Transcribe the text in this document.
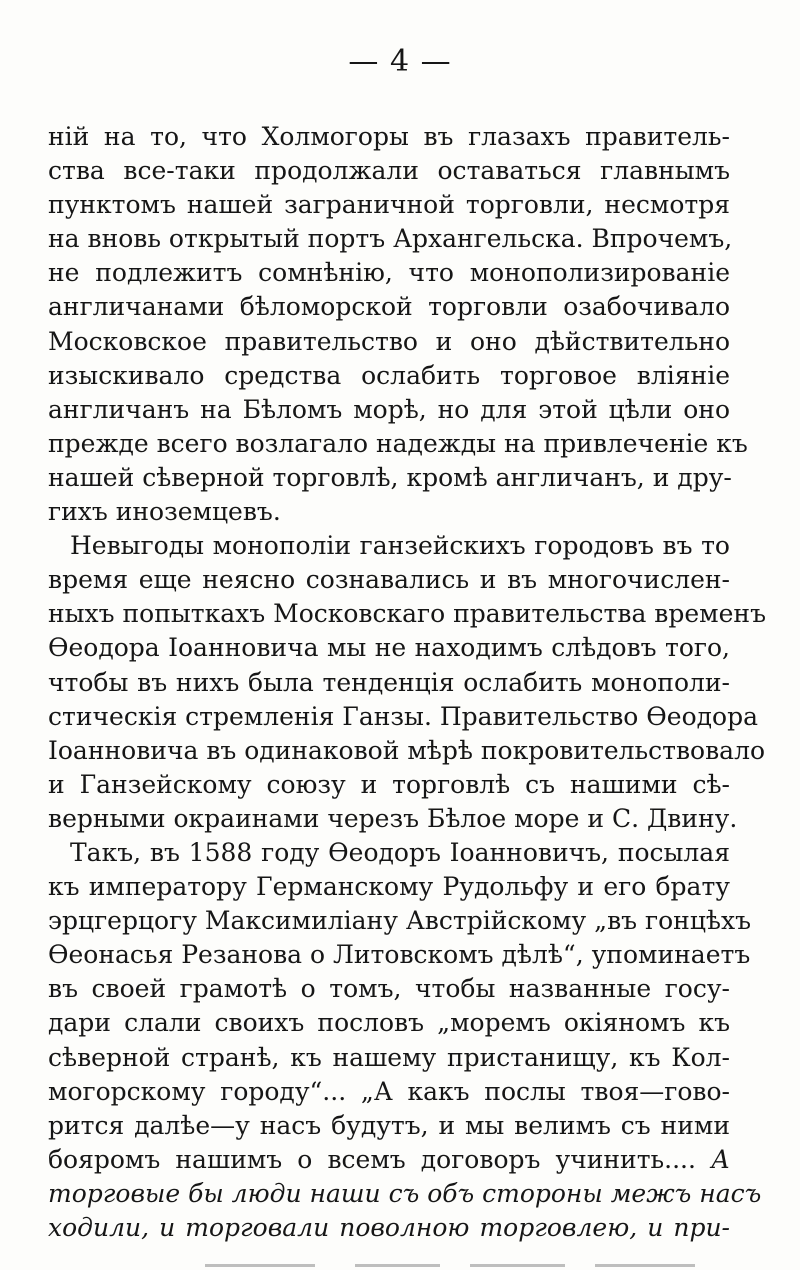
— 4 —
ній на то, что Холмогоры въ глазахъ правитель-
ства все-таки продолжали оставаться главнымъ
пунктомъ нашей заграничной торговли, несмотря
на вновь открытый портъ Архангельска. Впрочемъ,
не подлежитъ сомнѣнію, что монополизированіе
англичанами бѣломорской торговли озабочивало
Московское правительство и оно дѣйствительно
изыскивало средства ослабить торговое вліяніе
англичанъ на Бѣломъ морѣ, но для этой цѣли оно
прежде всего возлагало надежды на привлеченіе къ
нашей сѣверной торговлѣ, кромѣ англичанъ, и дру-
гихъ иноземцевъ.
Невыгоды монополіи ганзейскихъ городовъ въ то
время еще неясно сознавались и въ многочислен-
ныхъ попыткахъ Московскаго правительства временъ
Ѳеодора Іоанновича мы не находимъ слѣдовъ того,
чтобы въ нихъ была тенденція ослабить монополи-
стическія стремленія Ганзы. Правительство Ѳеодора
Іоанновича въ одинаковой мѣрѣ покровительствовало
и Ганзейскому союзу и торговлѣ съ нашими сѣ-
верными окраинами черезъ Бѣлое море и С. Двину.
Такъ, въ 1588 году Ѳеодоръ Іоанновичъ, посылая
къ императору Германскому Рудольфу и его брату
эрцгерцогу Максимиліану Австрійскому „въ гонцѣхъ
Ѳеонасья Резанова о Литовскомъ дѣлѣ“, упоминаетъ
въ своей грамотѣ о томъ, чтобы названные госу-
дари слали своихъ пословъ „моремъ окіяномъ къ
сѣверной странѣ, къ нашему пристанищу, къ Кол-
могорскому городу“... „А какъ послы твоя—говo-
рится далѣе—у насъ будутъ, и мы велимъ съ ними
бояромъ нашимъ о всемъ договоръ учинить.... А
торговые бы люди наши съ объ стороны межъ насъ
ходили, и торговали поволною торговлею, и при-
